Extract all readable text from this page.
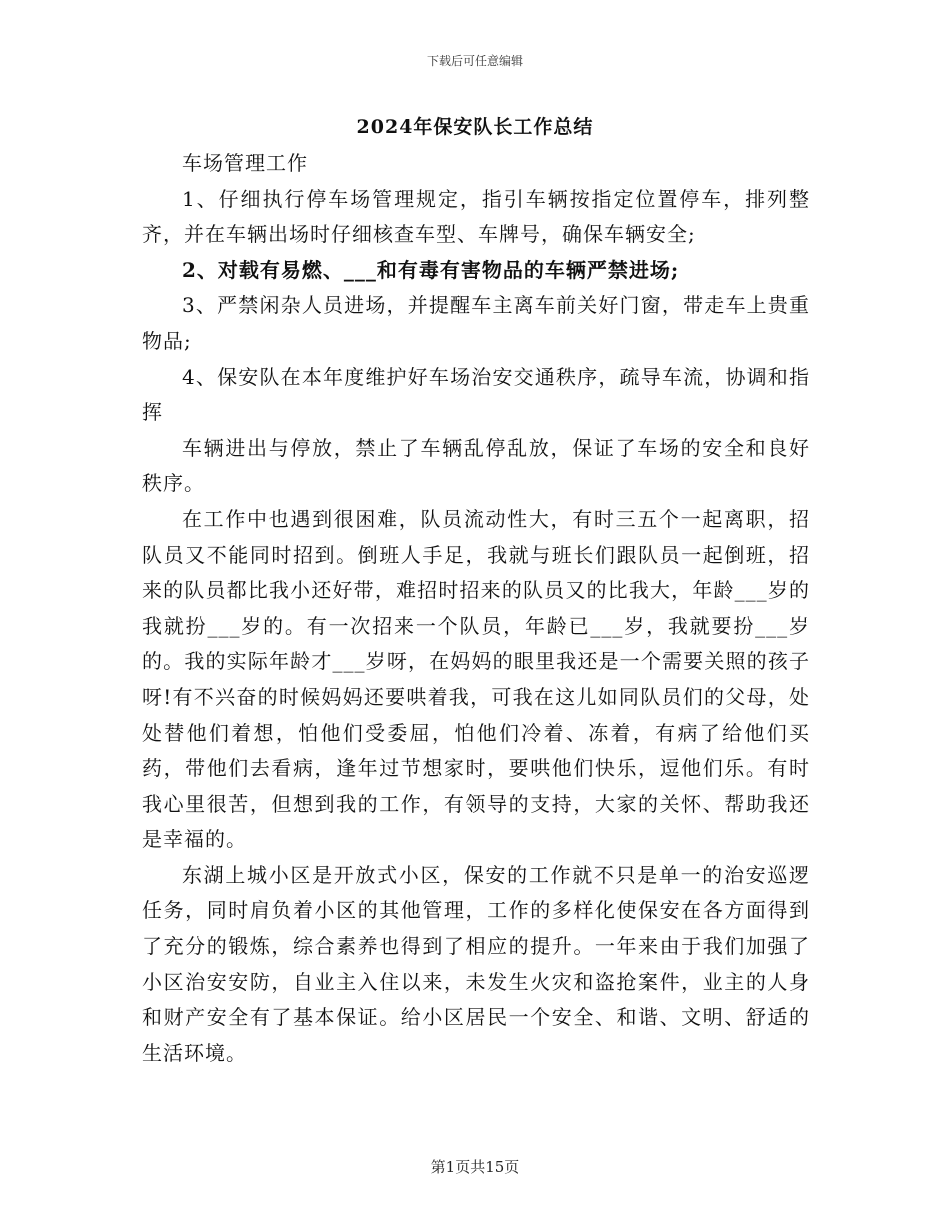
下载后可任意编辑
2024年保安队长工作总结

车场管理工作

1、仔细执行停车场管理规定，指引车辆按指定位置停车，排列整齐，并在车辆出场时仔细核查车型、车牌号，确保车辆安全;

2、对载有易燃、___和有毒有害物品的车辆严禁进场;

3、严禁闲杂人员进场，并提醒车主离车前关好门窗，带走车上贵重物品;

4、保安队在本年度维护好车场治安交通秩序，疏导车流，协调和指挥

车辆进出与停放，禁止了车辆乱停乱放，保证了车场的安全和良好秩序。

在工作中也遇到很困难，队员流动性大，有时三五个一起离职，招队员又不能同时招到。倒班人手足，我就与班长们跟队员一起倒班，招来的队员都比我小还好带，难招时招来的队员又的比我大，年龄___岁的我就扮___岁的。有一次招来一个队员，年龄已___岁，我就要扮___岁的。我的实际年龄才___岁呀，在妈妈的眼里我还是一个需要关照的孩子呀!有不兴奋的时候妈妈还要哄着我，可我在这儿如同队员们的父母，处处替他们着想，怕他们受委屈，怕他们冷着、冻着，有病了给他们买药，带他们去看病，逢年过节想家时，要哄他们快乐，逗他们乐。有时我心里很苦，但想到我的工作，有领导的支持，大家的关怀、帮助我还是幸福的。

东湖上城小区是开放式小区，保安的工作就不只是单一的治安巡逻任务，同时肩负着小区的其他管理，工作的多样化使保安在各方面得到了充分的锻炼，综合素养也得到了相应的提升。一年来由于我们加强了小区治安安防，自业主入住以来，未发生火灾和盗抢案件，业主的人身和财产安全有了基本保证。给小区居民一个安全、和谐、文明、舒适的生活环境。

第1页共15页
